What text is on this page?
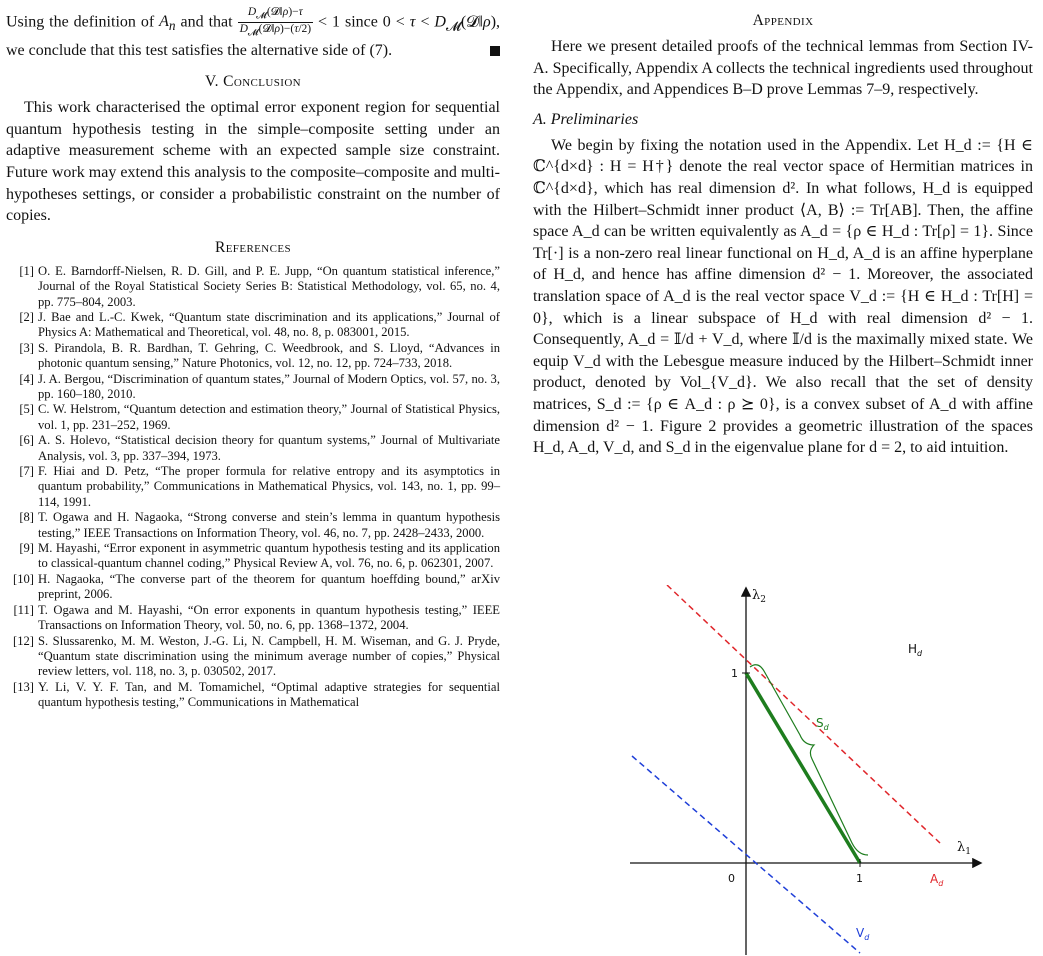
Using the definition of $A_n$ and that
$D_𝓜(𝓓‖\rho)-\tau$
$D_𝓜(𝓓‖\rho)-(\tau/2) < 1$ since $0 < \tau < D_𝓜(𝓓‖\rho)$, we conclude that this test satisfies the alternative side of (7).

V. Conclusion

This work characterised the optimal error exponent region for sequential quantum hypothesis testing in the simple–composite setting under an adaptive measurement scheme with an expected sample size constraint. Future work may extend this analysis to the composite–composite and multi-hypotheses settings, or consider a probabilistic constraint on the number of copies.

References
[1] O. E. Barndorff-Nielsen, R. D. Gill, and P. E. Jupp, “On quantum statistical inference,” Journal of the Royal Statistical Society Series B: Statistical Methodology, vol. 65, no. 4, pp. 775–804, 2003.
[2] J. Bae and L.-C. Kwek, “Quantum state discrimination and its applications,” Journal of Physics A: Mathematical and Theoretical, vol. 48, no. 8, p. 083001, 2015.
[3] S. Pirandola, B. R. Bardhan, T. Gehring, C. Weedbrook, and S. Lloyd, “Advances in photonic quantum sensing,” Nature Photonics, vol. 12, no. 12, pp. 724–733, 2018.
[4] J. A. Bergou, “Discrimination of quantum states,” Journal of Modern Optics, vol. 57, no. 3, pp. 160–180, 2010.
[5] C. W. Helstrom, “Quantum detection and estimation theory,” Journal of Statistical Physics, vol. 1, pp. 231–252, 1969.
[6] A. S. Holevo, “Statistical decision theory for quantum systems,” Journal of Multivariate Analysis, vol. 3, pp. 337–394, 1973.
[7] F. Hiai and D. Petz, “The proper formula for relative entropy and its asymptotics in quantum probability,” Communications in Mathematical Physics, vol. 143, no. 1, pp. 99–114, 1991.
[8] T. Ogawa and H. Nagaoka, “Strong converse and stein’s lemma in quantum hypothesis testing,” IEEE Transactions on Information Theory, vol. 46, no. 7, pp. 2428–2433, 2000.
[9] M. Hayashi, “Error exponent in asymmetric quantum hypothesis testing and its application to classical-quantum channel coding,” Physical Review A, vol. 76, no. 6, p. 062301, 2007.
[10] H. Nagaoka, “The converse part of the theorem for quantum hoeffding bound,” arXiv preprint, 2006.
[11] T. Ogawa and M. Hayashi, “On error exponents in quantum hypothesis testing,” IEEE Transactions on Information Theory, vol. 50, no. 6, pp. 1368–1372, 2004.
[12] S. Slussarenko, M. M. Weston, J.-G. Li, N. Campbell, H. M. Wiseman, and G. J. Pryde, “Quantum state discrimination using the minimum average number of copies,” Physical review letters, vol. 118, no. 3, p. 030502, 2017.
[13] Y. Li, V. Y. F. Tan, and M. Tomamichel, “Optimal adaptive strategies for sequential quantum hypothesis testing,” Communications in Mathematical
Appendix

Here we present detailed proofs of the technical lemmas from Section IV-A. Specifically, Appendix A collects the technical ingredients used throughout the Appendix, and Appendices B–D prove Lemmas 7–9, respectively.

A. Preliminaries

We begin by fixing the notation used in the Appendix. Let H_d := {H ∈ ℂ^{d×d} : H = H†} denote the real vector space of Hermitian matrices in ℂ^{d×d}, which has real dimension d². In what follows, H_d is equipped with the Hilbert–Schmidt inner product ⟨A, B⟩ := Tr[AB]. Then, the affine space A_d can be written equivalently as A_d = {ρ ∈ H_d : Tr[ρ] = 1}. Since Tr[·] is a non-zero real linear functional on H_d, A_d is an affine hyperplane of H_d, and hence has affine dimension d² − 1. Moreover, the associated translation space of A_d is the real vector space V_d := {H ∈ H_d : Tr[H] = 0}, which is a linear subspace of H_d with real dimension d² − 1. Consequently, A_d = 𝕀/d + V_d, where 𝕀/d is the maximally mixed state. We equip V_d with the Lebesgue measure induced by the Hilbert–Schmidt inner product, denoted by Vol_{V_d}. We also recall that the set of density matrices, S_d := {ρ ∈ A_d : ρ ⪰ 0}, is a convex subset of A_d with affine dimension d² − 1. Figure 2 provides a geometric illustration of the spaces H_d, A_d, V_d, and S_d in the eigenvalue plane for d = 2, to aid intuition.

$\lambda_2$
$\lambda_1$
0	1
1
$H_d$
$S_d$
$A_d$
$V_d$
